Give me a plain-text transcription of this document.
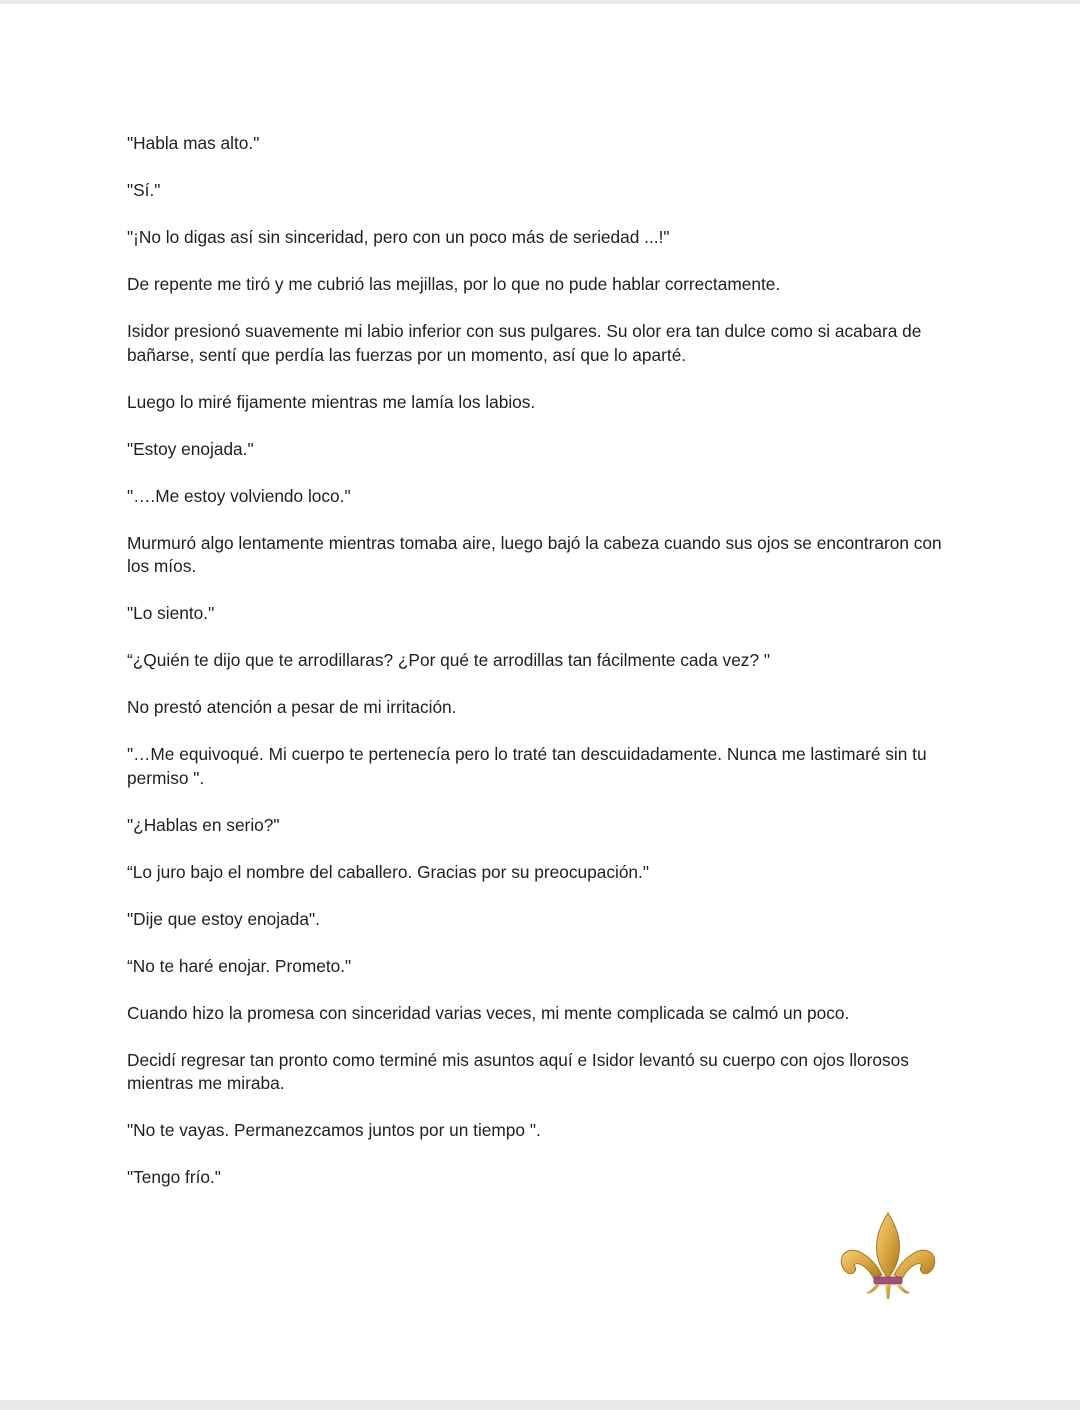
"Habla mas alto."

"Sí."

"¡No lo digas así sin sinceridad, pero con un poco más de seriedad ...!"

De repente me tiró y me cubrió las mejillas, por lo que no pude hablar correctamente.

Isidor presionó suavemente mi labio inferior con sus pulgares. Su olor era tan dulce como si acabara de bañarse, sentí que perdía las fuerzas por un momento, así que lo aparté.

Luego lo miré fijamente mientras me lamía los labios.

"Estoy enojada."

"….Me estoy volviendo loco."

Murmuró algo lentamente mientras tomaba aire, luego bajó la cabeza cuando sus ojos se encontraron con los míos.

"Lo siento."

“¿Quién te dijo que te arrodillaras? ¿Por qué te arrodillas tan fácilmente cada vez? "

No prestó atención a pesar de mi irritación.

"…Me equivoqué. Mi cuerpo te pertenecía pero lo traté tan descuidadamente. Nunca me lastimaré sin tu permiso ".

"¿Hablas en serio?"

“Lo juro bajo el nombre del caballero. Gracias por su preocupación."

"Dije que estoy enojada".

“No te haré enojar. Prometo."

Cuando hizo la promesa con sinceridad varias veces, mi mente complicada se calmó un poco.

Decidí regresar tan pronto como terminé mis asuntos aquí e Isidor levantó su cuerpo con ojos llorosos mientras me miraba.

"No te vayas. Permanezcamos juntos por un tiempo ".

"Tengo frío."
